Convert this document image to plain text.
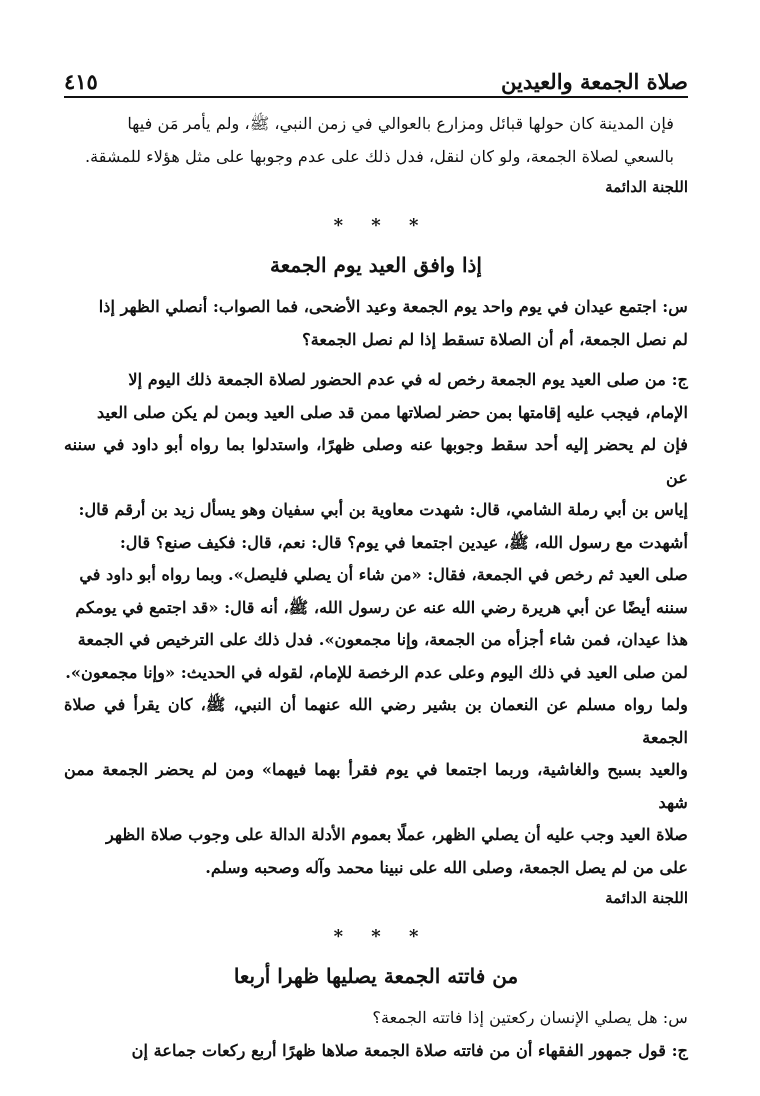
صلاة الجمعة والعيدين
٤١٥

فإن المدينة كان حولها قبائل ومزارع بالعوالي في زمن النبي، ﷺ، ولم يأمر مَن فيها

بالسعي لصلاة الجمعة، ولو كان لنقل، فدل ذلك على عدم وجوبها على مثل هؤلاء للمشقة.

اللجنة الدائمة
* * *
إذا وافق العيد يوم الجمعة

س: اجتمع عيدان في يوم واحد يوم الجمعة وعيد الأضحى، فما الصواب: أنصلي الظهر إذا

لم نصل الجمعة، أم أن الصلاة تسقط إذا لم نصل الجمعة؟

ج: من صلى العيد يوم الجمعة رخص له في عدم الحضور لصلاة الجمعة ذلك اليوم إلا

الإمام، فيجب عليه إقامتها بمن حضر لصلاتها ممن قد صلى العيد وبمن لم يكن صلى العيد

فإن لم يحضر إليه أحد سقط وجوبها عنه وصلى ظهرًا، واستدلوا بما رواه أبو داود في سننه عن

إياس بن أبي رملة الشامي، قال: شهدت معاوية بن أبي سفيان وهو يسأل زيد بن أرقم قال:

أشهدت مع رسول الله، ﷺ، عيدين اجتمعا في يوم؟ قال: نعم، قال: فكيف صنع؟ قال:

صلى العيد ثم رخص في الجمعة، فقال: «من شاء أن يصلي فليصل». وبما رواه أبو داود في

سننه أيضًا عن أبي هريرة رضي الله عنه عن رسول الله، ﷺ، أنه قال: «قد اجتمع في يومكم

هذا عيدان، فمن شاء أجزأه من الجمعة، وإنا مجمعون». فدل ذلك على الترخيص في الجمعة

لمن صلى العيد في ذلك اليوم وعلى عدم الرخصة للإمام، لقوله في الحديث: «وإنا مجمعون».

ولما رواه مسلم عن النعمان بن بشير رضي الله عنهما أن النبي، ﷺ، كان يقرأ في صلاة الجمعة

والعيد بسبح والغاشية، وربما اجتمعا في يوم فقرأ بهما فيهما» ومن لم يحضر الجمعة ممن شهد

صلاة العيد وجب عليه أن يصلي الظهر، عملًا بعموم الأدلة الدالة على وجوب صلاة الظهر

على من لم يصل الجمعة، وصلى الله على نبينا محمد وآله وصحبه وسلم.

اللجنة الدائمة
* * *
من فاتته الجمعة يصليها ظهرا أربعا

س: هل يصلي الإنسان ركعتين إذا فاتته الجمعة؟

ج: قول جمهور الفقهاء أن من فاتته صلاة الجمعة صلاها ظهرًا أربع ركعات جماعة إن
